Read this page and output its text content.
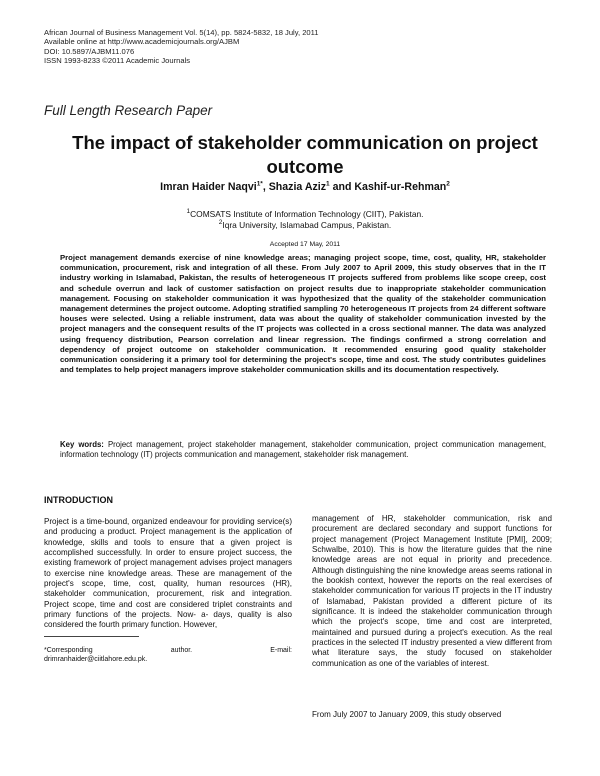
African Journal of Business Management Vol. 5(14), pp. 5824-5832, 18 July, 2011
Available online at http://www.academicjournals.org/AJBM
DOI: 10.5897/AJBM11.076
ISSN 1993-8233 ©2011 Academic Journals
Full Length Research Paper
The impact of stakeholder communication on project outcome
Imran Haider Naqvi$^{1*}$, Shazia Aziz$^1$ and Kashif-ur-Rehman$^2$
$^1$COMSATS Institute of Information Technology (CIIT), Pakistan.
$^2$Iqra University, Islamabad Campus, Pakistan.
Accepted 17 May, 2011

Project management demands exercise of nine knowledge areas; managing project scope, time, cost, quality, HR, stakeholder communication, procurement, risk and integration of all these. From July 2007 to April 2009, this study observes that in the IT industry working in Islamabad, Pakistan, the results of heterogeneous IT projects suffered from problems like scope creep, cost and schedule overrun and lack of customer satisfaction on project results due to inappropriate stakeholder communication management. Focusing on stakeholder communication it was hypothesized that the quality of the stakeholder communication management determines the project outcome. Adopting stratified sampling 70 heterogeneous IT projects from 24 different software houses were selected. Using a reliable instrument, data was about the quality of stakeholder communication invested by the project managers and the consequent results of the IT projects was collected in a cross sectional manner. The data was analyzed using frequency distribution, Pearson correlation and linear regression. The findings confirmed a strong correlation and dependency of project outcome on stakeholder communication. It recommended ensuring good quality stakeholder communication considering it a primary tool for determining the project's scope, time and cost. The study contributes guidelines and templates to help project managers improve stakeholder communication skills and its documentation respectively.

Key words: Project management, project stakeholder management, stakeholder communication, project communication management, information technology (IT) projects communication and management, stakeholder risk management.

INTRODUCTION

Project is a time-bound, organized endeavour for providing service(s) and producing a product. Project management is the application of knowledge, skills and tools to ensure that a given project is accomplished successfully. In order to ensure project success, the existing framework of project management advises project managers to exercise nine knowledge areas. These are management of the project's scope, time, cost, quality, human resources (HR), stakeholder communication, procurement, risk and integration. Project scope, time and cost are considered triplet constraints and primary functions of the projects. Now- a- days, quality is also considered the fourth primary function. However,

management of HR, stakeholder communication, risk and procurement are declared secondary and support functions for project management (Project Management Institute [PMI], 2009; Schwalbe, 2010). This is how the literature guides that the nine knowledge areas are not equal in priority and precedence. Although distinguishing the nine knowledge areas seems rational in the bookish context, however the reports on the real exercises of stakeholder communication for various IT projects in the IT industry of Islamabad, Pakistan provided a different picture of its significance. It is indeed the stakeholder communication through which the project's scope, time and cost are interpreted, maintained and pursued during a project's execution. As the real practices in the selected IT industry presented a view different from what literature says, the study focused on stakeholder communication as one of the variables of interest.

*Corresponding	author.	E-mail:
drimranhaider@ciitlahore.edu.pk.

From July 2007 to January 2009, this study observed
